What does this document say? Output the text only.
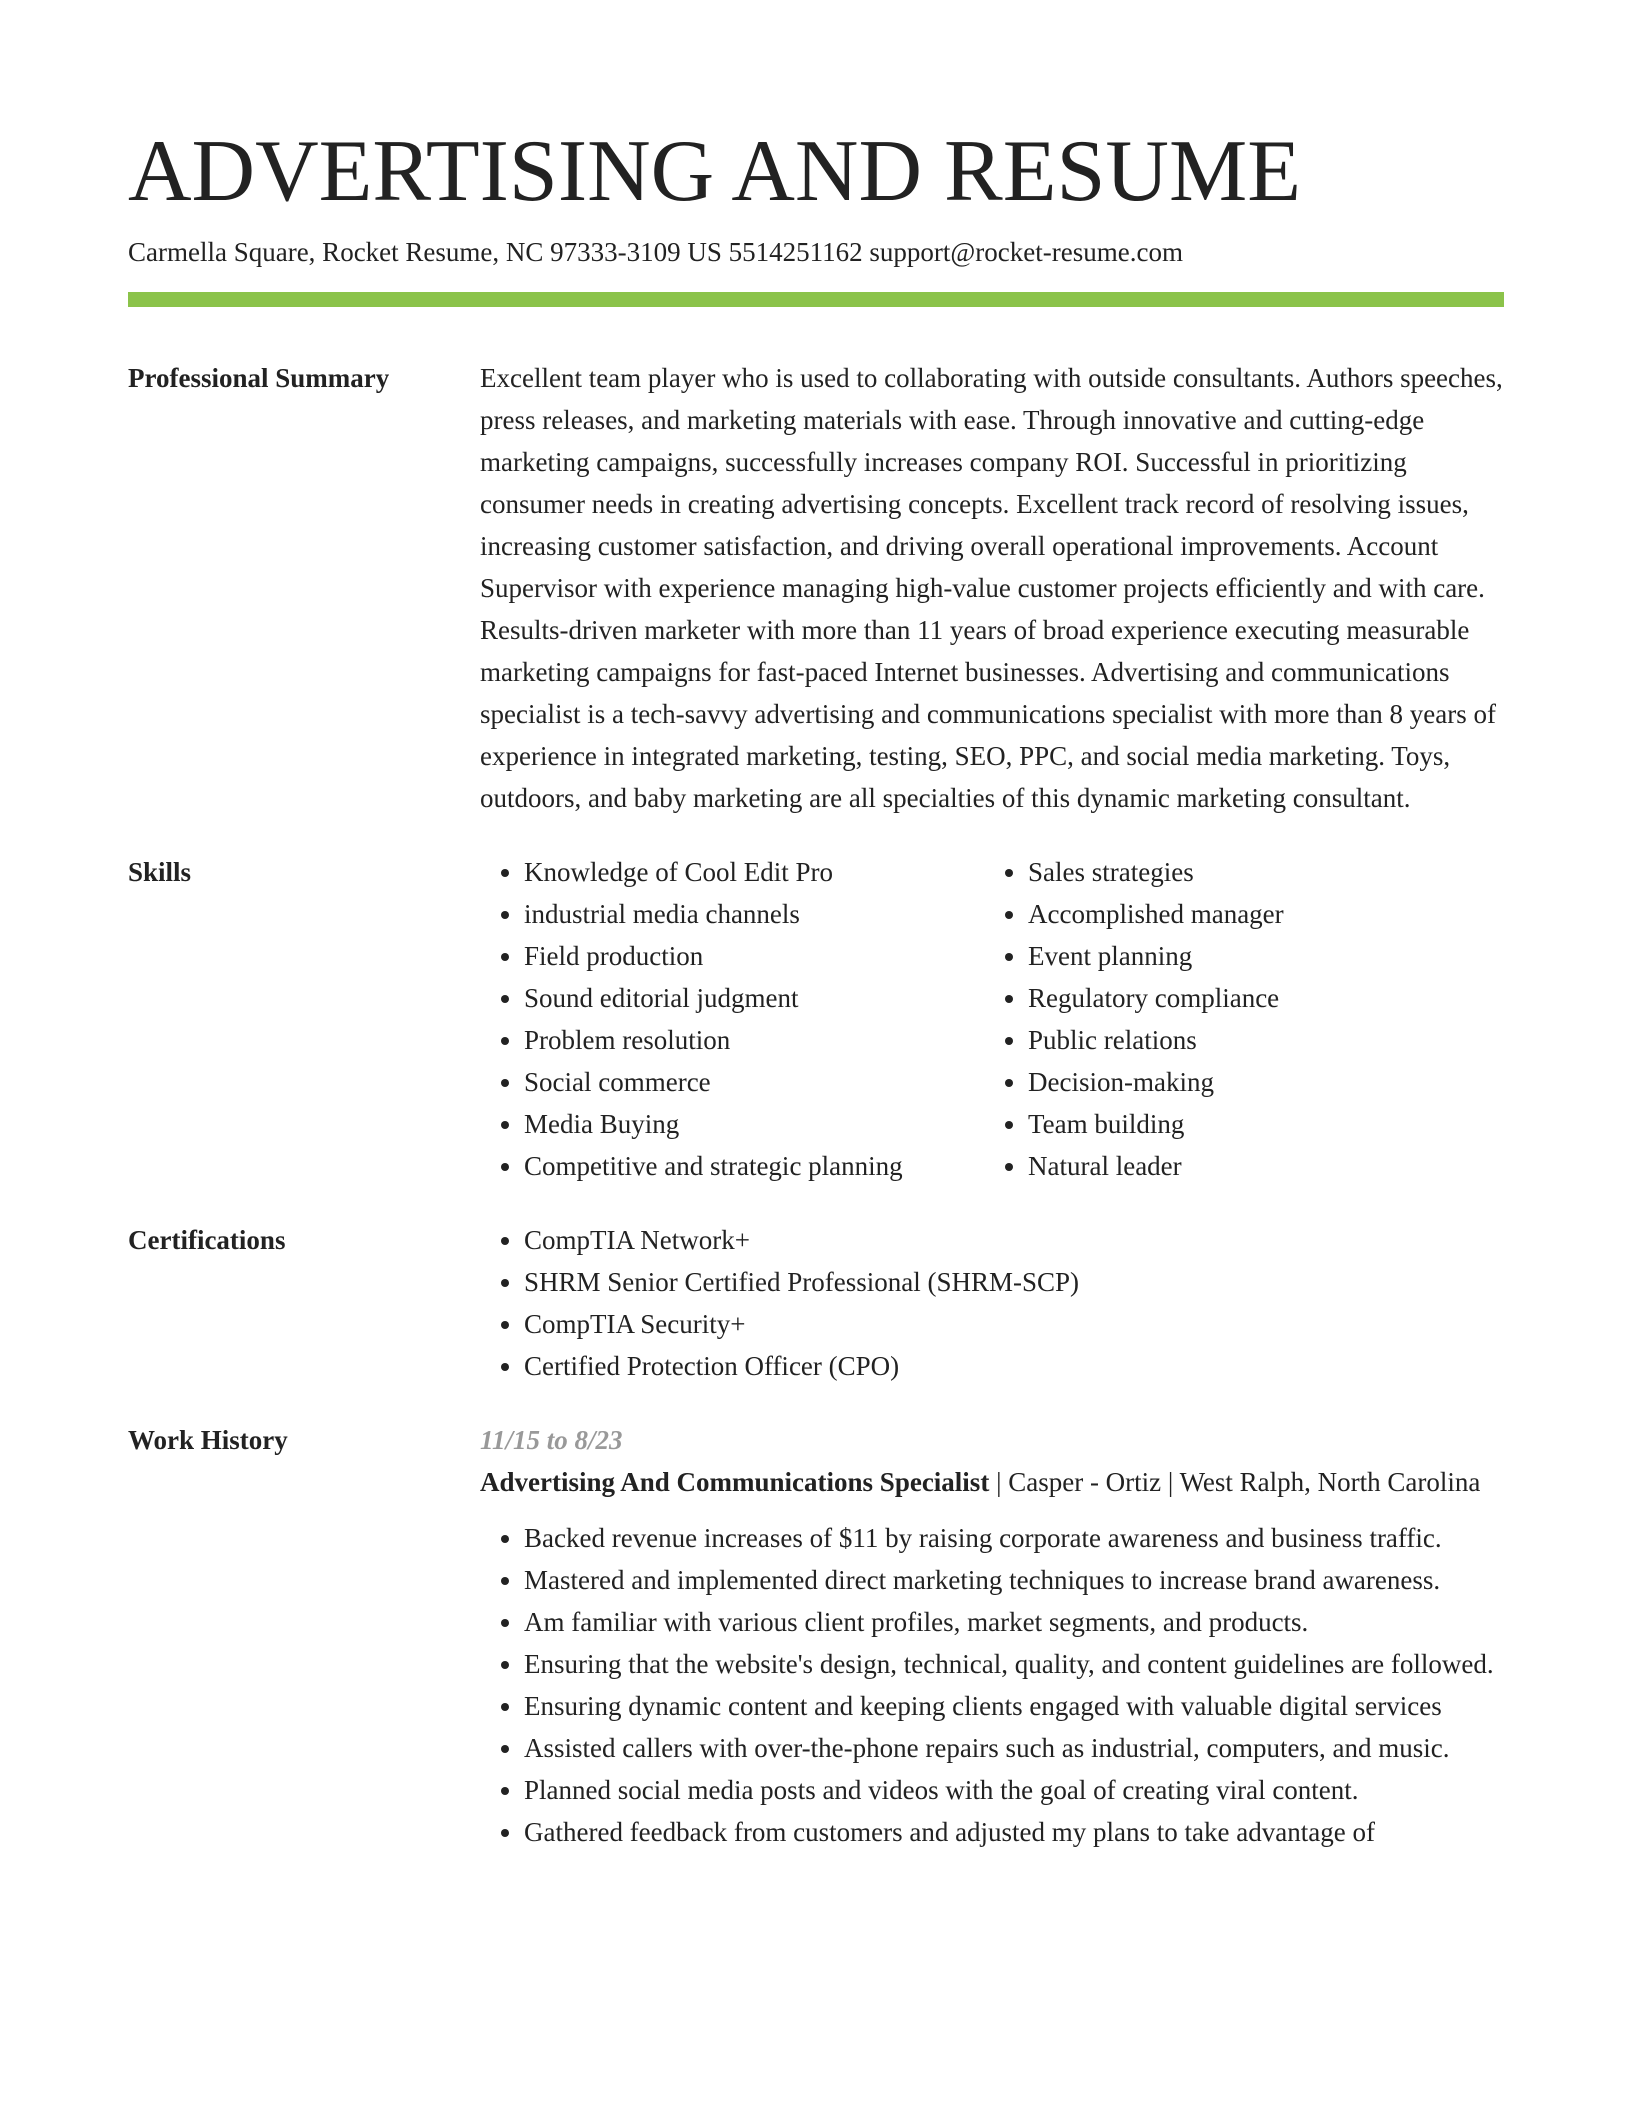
ADVERTISING AND RESUME
Carmella Square, Rocket Resume, NC 97333-3109 US 5514251162 support@rocket-resume.com
Professional Summary	Excellent team player who is used to collaborating with outside consultants. Authors speeches, press releases, and marketing materials with ease. Through innovative and cutting-edge marketing campaigns, successfully increases company ROI. Successful in prioritizing consumer needs in creating advertising concepts. Excellent track record of resolving issues, increasing customer satisfaction, and driving overall operational improvements. Account Supervisor with experience managing high-value customer projects efficiently and with care. Results-driven marketer with more than 11 years of broad experience executing measurable marketing campaigns for fast-paced Internet businesses. Advertising and communications specialist is a tech-savvy advertising and communications specialist with more than 8 years of experience in integrated marketing, testing, SEO, PPC, and social media marketing. Toys, outdoors, and baby marketing are all specialties of this dynamic marketing consultant.
Skills	• Knowledge of Cool Edit Pro
• industrial media channels
• Field production
• Sound editorial judgment
• Problem resolution
• Social commerce
• Media Buying
• Competitive and strategic planning
• Sales strategies
• Accomplished manager
• Event planning
• Regulatory compliance
• Public relations
• Decision-making
• Team building
• Natural leader
Certifications	• CompTIA Network+
• SHRM Senior Certified Professional (SHRM-SCP)
• CompTIA Security+
• Certified Protection Officer (CPO)
Work History	11/15 to 8/23
Advertising And Communications Specialist | Casper - Ortiz | West Ralph, North Carolina
• Backed revenue increases of $11 by raising corporate awareness and business traffic.
• Mastered and implemented direct marketing techniques to increase brand awareness.
• Am familiar with various client profiles, market segments, and products.
• Ensuring that the website's design, technical, quality, and content guidelines are followed.
• Ensuring dynamic content and keeping clients engaged with valuable digital services
• Assisted callers with over-the-phone repairs such as industrial, computers, and music.
• Planned social media posts and videos with the goal of creating viral content.
• Gathered feedback from customers and adjusted my plans to take advantage of
